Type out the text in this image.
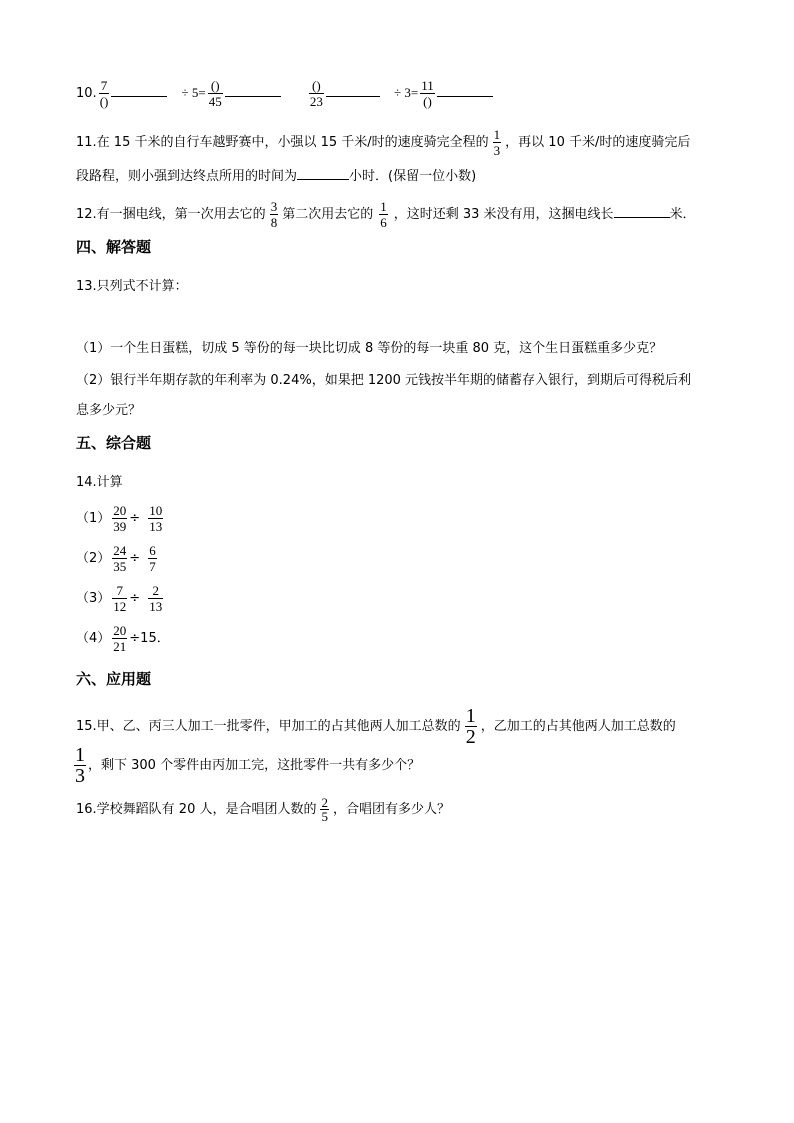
10. $\frac{7}{()}$	÷ $5= \frac{()}{45}$
	$\frac{()}{23}$	÷ $3= \frac{11}{()}$
11.在 15 千米的自行车越野赛中，小强以 15 千米/时的速度骑完全程的 $\frac{1}{3}$ ，再以 10 千米/时的速度骑完后
段路程，则小强到达终点所用的时间为	小时．(保留一位小数)
12.有一捆电线，第一次用去它的 $\frac{3}{8}$ 第二次用去它的 $\frac{1}{6}$ ，这时还剩 33 米没有用，这捆电线长	米．
四、解答题
13.只列式不计算：
（1）一个生日蛋糕，切成 5 等份的每一块比切成 8 等份的每一块重 80 克，这个生日蛋糕重多少克？
（2）银行半年期存款的年利率为 0.24%，如果把 1200 元钱按半年期的储蓄存入银行，到期后可得税后利
息多少元？
五、综合题
14.计算
$(1) \frac{20}{39} \div \frac{10}{13}$
$(2) \frac{24}{35} \div \frac{6}{7}$
$(3) \frac{7}{12} \div \frac{2}{13}$
$(4) \frac{20}{21} \div 15$．
六、应用题
15.甲、乙、丙三人加工一批零件，甲加工的占其他两人加工总数的 $\frac{1}{2}$ ，乙加工的占其他两人加工总数的
$\frac{1}{3}$ ，剩下 300 个零件由丙加工完，这批零件一共有多少个？
16.学校舞蹈队有 20 人，是合唱团人数的 $\frac{2}{5}$ ，合唱团有多少人？
